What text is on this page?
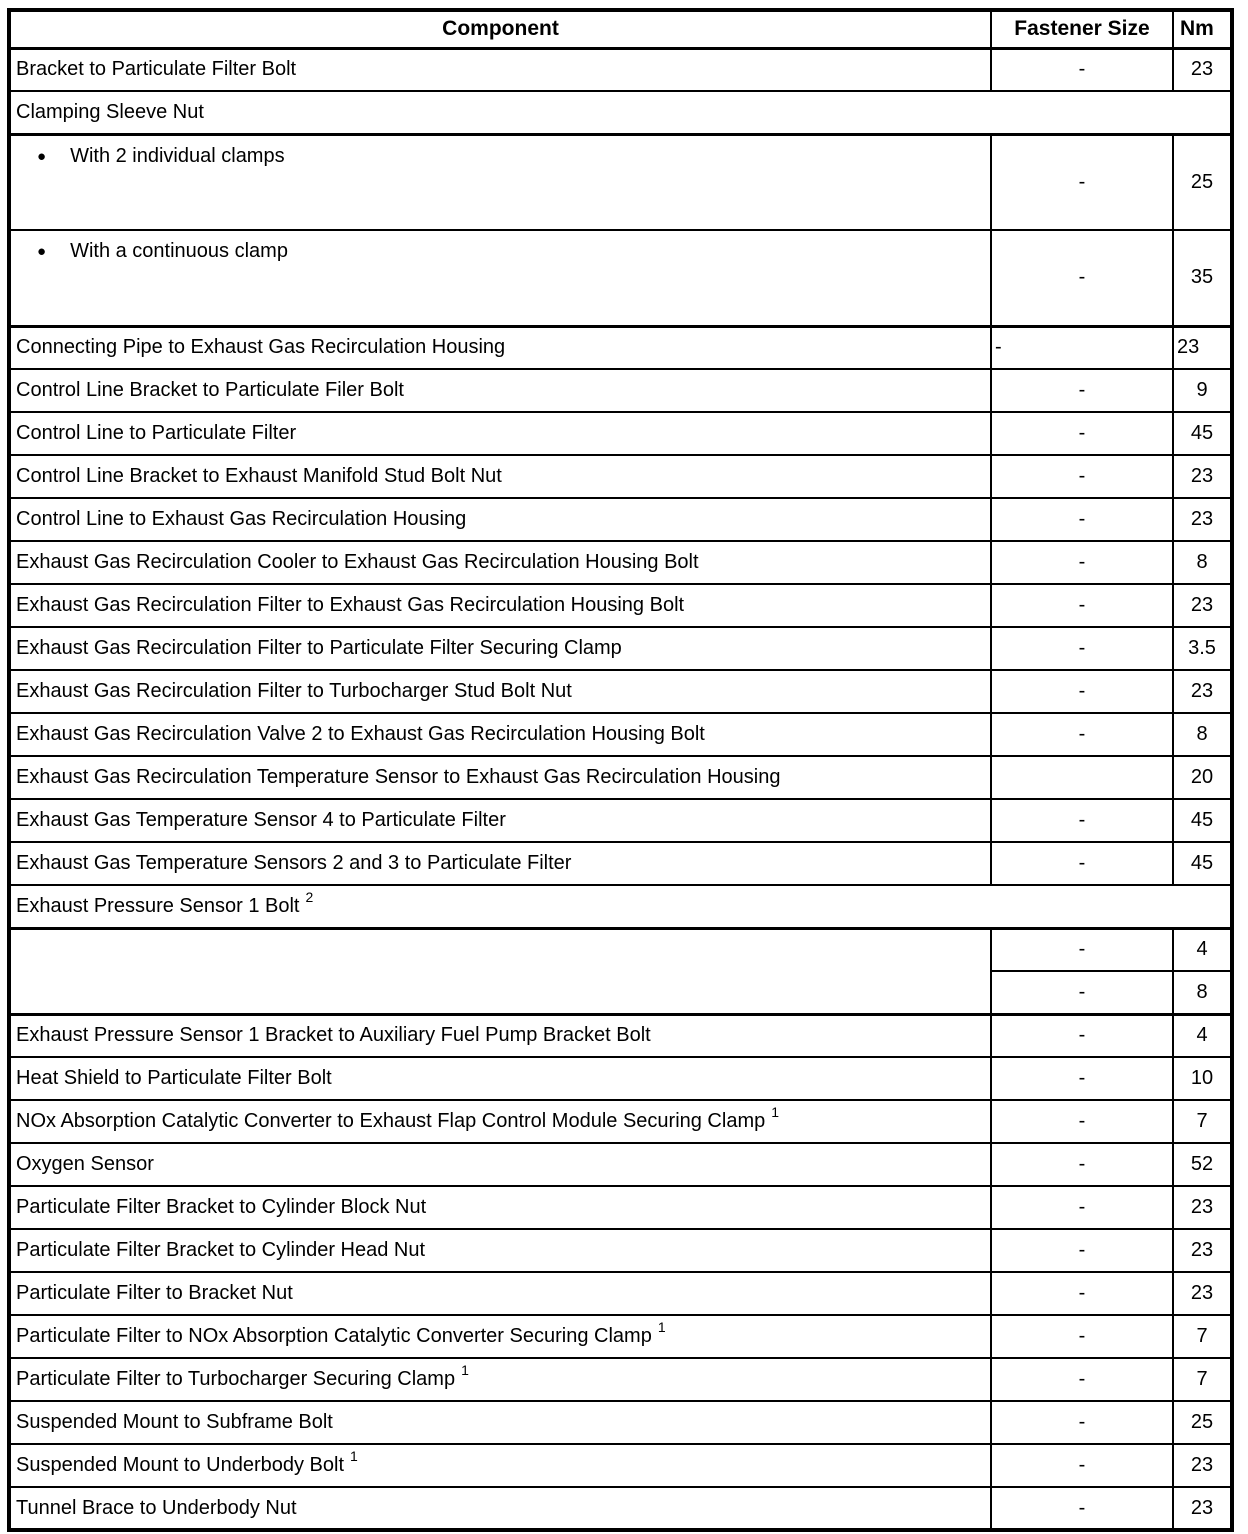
Component	Fastener Size	Nm
Bracket to Particulate Filter Bolt	-	23
Clamping Sleeve Nut		
● With 2 individual clamps	-	25
● With a continuous clamp	-	35
Connecting Pipe to Exhaust Gas Recirculation Housing	-	23
Control Line Bracket to Particulate Filer Bolt	-	9
Control Line to Particulate Filter	-	45
Control Line Bracket to Exhaust Manifold Stud Bolt Nut	-	23
Control Line to Exhaust Gas Recirculation Housing	-	23
Exhaust Gas Recirculation Cooler to Exhaust Gas Recirculation Housing Bolt	-	8
Exhaust Gas Recirculation Filter to Exhaust Gas Recirculation Housing Bolt	-	23
Exhaust Gas Recirculation Filter to Particulate Filter Securing Clamp	-	3.5
Exhaust Gas Recirculation Filter to Turbocharger Stud Bolt Nut	-	23
Exhaust Gas Recirculation Valve 2 to Exhaust Gas Recirculation Housing Bolt	-	8
Exhaust Gas Recirculation Temperature Sensor to Exhaust Gas Recirculation Housing		20
Exhaust Gas Temperature Sensor 4 to Particulate Filter	-	45
Exhaust Gas Temperature Sensors 2 and 3 to Particulate Filter	-	45
Exhaust Pressure Sensor 1 Bolt $^2$
	-	4
	-	8
Exhaust Pressure Sensor 1 Bracket to Auxiliary Fuel Pump Bracket Bolt	-	4
Heat Shield to Particulate Filter Bolt	-	10
NOx Absorption Catalytic Converter to Exhaust Flap Control Module Securing Clamp $^1$	-	7
Oxygen Sensor	-	52
Particulate Filter Bracket to Cylinder Block Nut	-	23
Particulate Filter Bracket to Cylinder Head Nut	-	23
Particulate Filter to Bracket Nut	-	23
Particulate Filter to NOx Absorption Catalytic Converter Securing Clamp $^1$	-	7
Particulate Filter to Turbocharger Securing Clamp $^1$	-	7
Suspended Mount to Subframe Bolt	-	25
Suspended Mount to Underbody Bolt $^1$	-	23
Tunnel Brace to Underbody Nut	-	23
